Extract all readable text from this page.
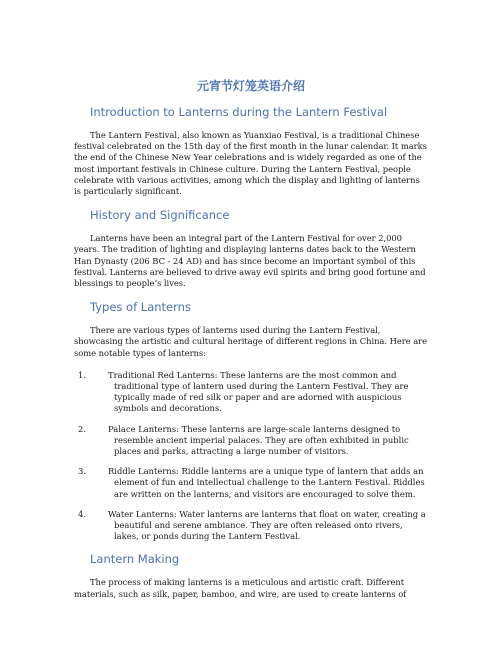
元宵节灯笼英语介绍
Introduction to Lanterns during the Lantern Festival

The Lantern Festival, also known as Yuanxiao Festival, is a traditional Chinese festival celebrated on the 15th day of the first month in the lunar calendar. It marks the end of the Chinese New Year celebrations and is widely regarded as one of the most important festivals in Chinese culture. During the Lantern Festival, people celebrate with various activities, among which the display and lighting of lanterns is particularly significant.

History and Significance

Lanterns have been an integral part of the Lantern Festival for over 2,000 years. The tradition of lighting and displaying lanterns dates back to the Western Han Dynasty (206 BC - 24 AD) and has since become an important symbol of this festival. Lanterns are believed to drive away evil spirits and bring good fortune and blessings to people’s lives.

Types of Lanterns

There are various types of lanterns used during the Lantern Festival, showcasing the artistic and cultural heritage of different regions in China. Here are some notable types of lanterns:

1.	Traditional Red Lanterns: These lanterns are the most common and traditional type of lantern used during the Lantern Festival. They are typically made of red silk or paper and are adorned with auspicious symbols and decorations.
2.	Palace Lanterns: These lanterns are large-scale lanterns designed to resemble ancient imperial palaces. They are often exhibited in public places and parks, attracting a large number of visitors.
3.	Riddle Lanterns: Riddle lanterns are a unique type of lantern that adds an element of fun and intellectual challenge to the Lantern Festival. Riddles are written on the lanterns, and visitors are encouraged to solve them.
4.	Water Lanterns: Water lanterns are lanterns that float on water, creating a beautiful and serene ambiance. They are often released onto rivers, lakes, or ponds during the Lantern Festival.
Lantern Making

The process of making lanterns is a meticulous and artistic craft. Different materials, such as silk, paper, bamboo, and wire, are used to create lanterns of
